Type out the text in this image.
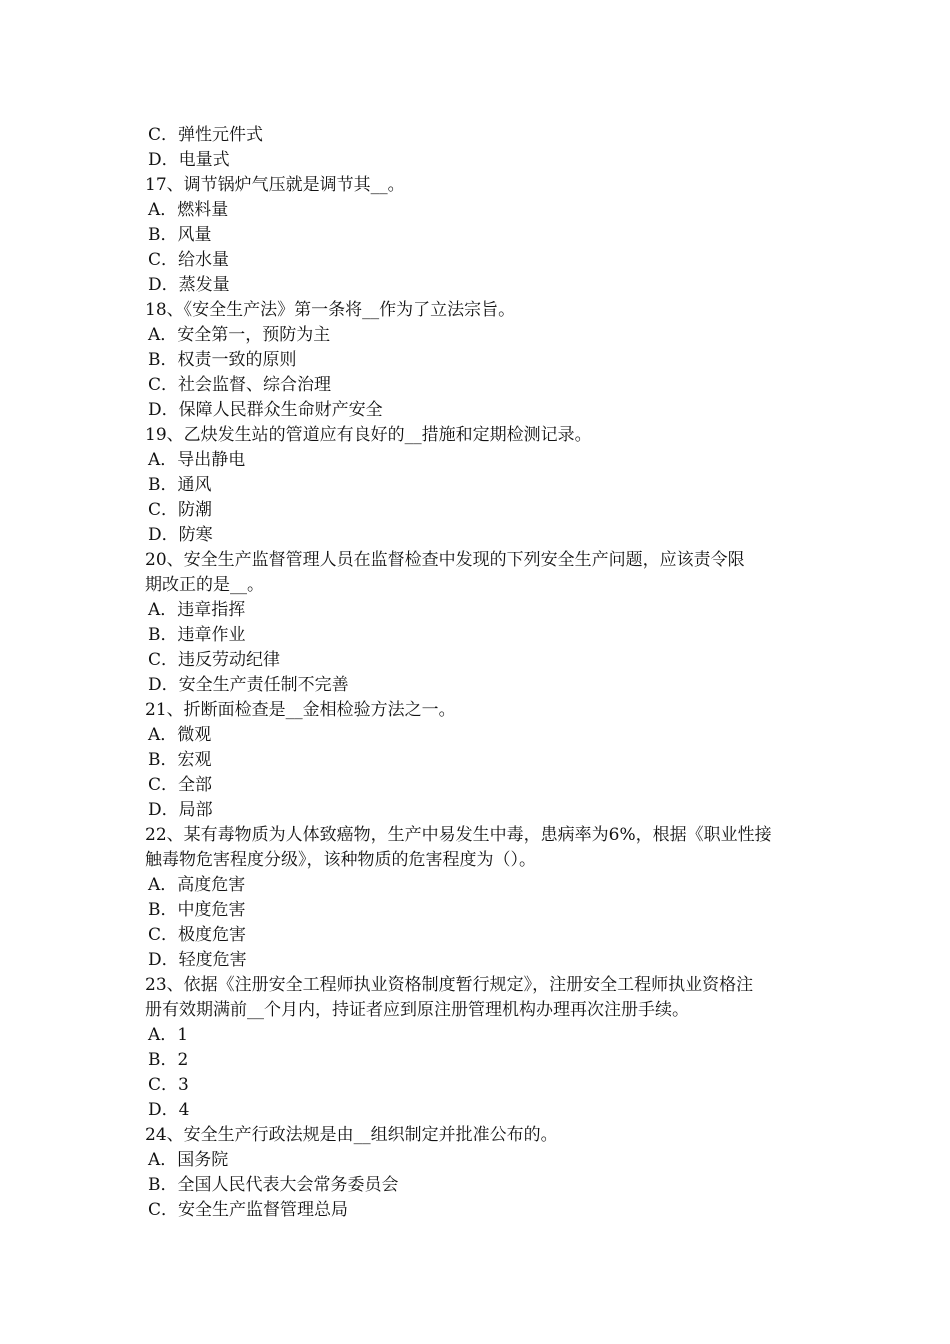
C．弹性元件式
D．电量式
17、调节锅炉气压就是调节其__。
A．燃料量
B．风量
C．给水量
D．蒸发量
18、《安全生产法》第一条将__作为了立法宗旨。
A．安全第一，预防为主
B．权责一致的原则
C．社会监督、综合治理
D．保障人民群众生命财产安全
19、乙炔发生站的管道应有良好的__措施和定期检测记录。
A．导出静电
B．通风
C．防潮
D．防寒
20、安全生产监督管理人员在监督检查中发现的下列安全生产问题，应该责令限
期改正的是__。
A．违章指挥
B．违章作业
C．违反劳动纪律
D．安全生产责任制不完善
21、折断面检查是__金相检验方法之一。
A．微观
B．宏观
C．全部
D．局部
22、某有毒物质为人体致癌物，生产中易发生中毒，患病率为6%，根据《职业性接
触毒物危害程度分级》，该种物质的危害程度为（）。
A．高度危害
B．中度危害
C．极度危害
D．轻度危害
23、依据《注册安全工程师执业资格制度暂行规定》，注册安全工程师执业资格注
册有效期满前__个月内，持证者应到原注册管理机构办理再次注册手续。
A．1
B．2
C．3
D．4
24、安全生产行政法规是由__组织制定并批准公布的。
A．国务院
B．全国人民代表大会常务委员会
C．安全生产监督管理总局
